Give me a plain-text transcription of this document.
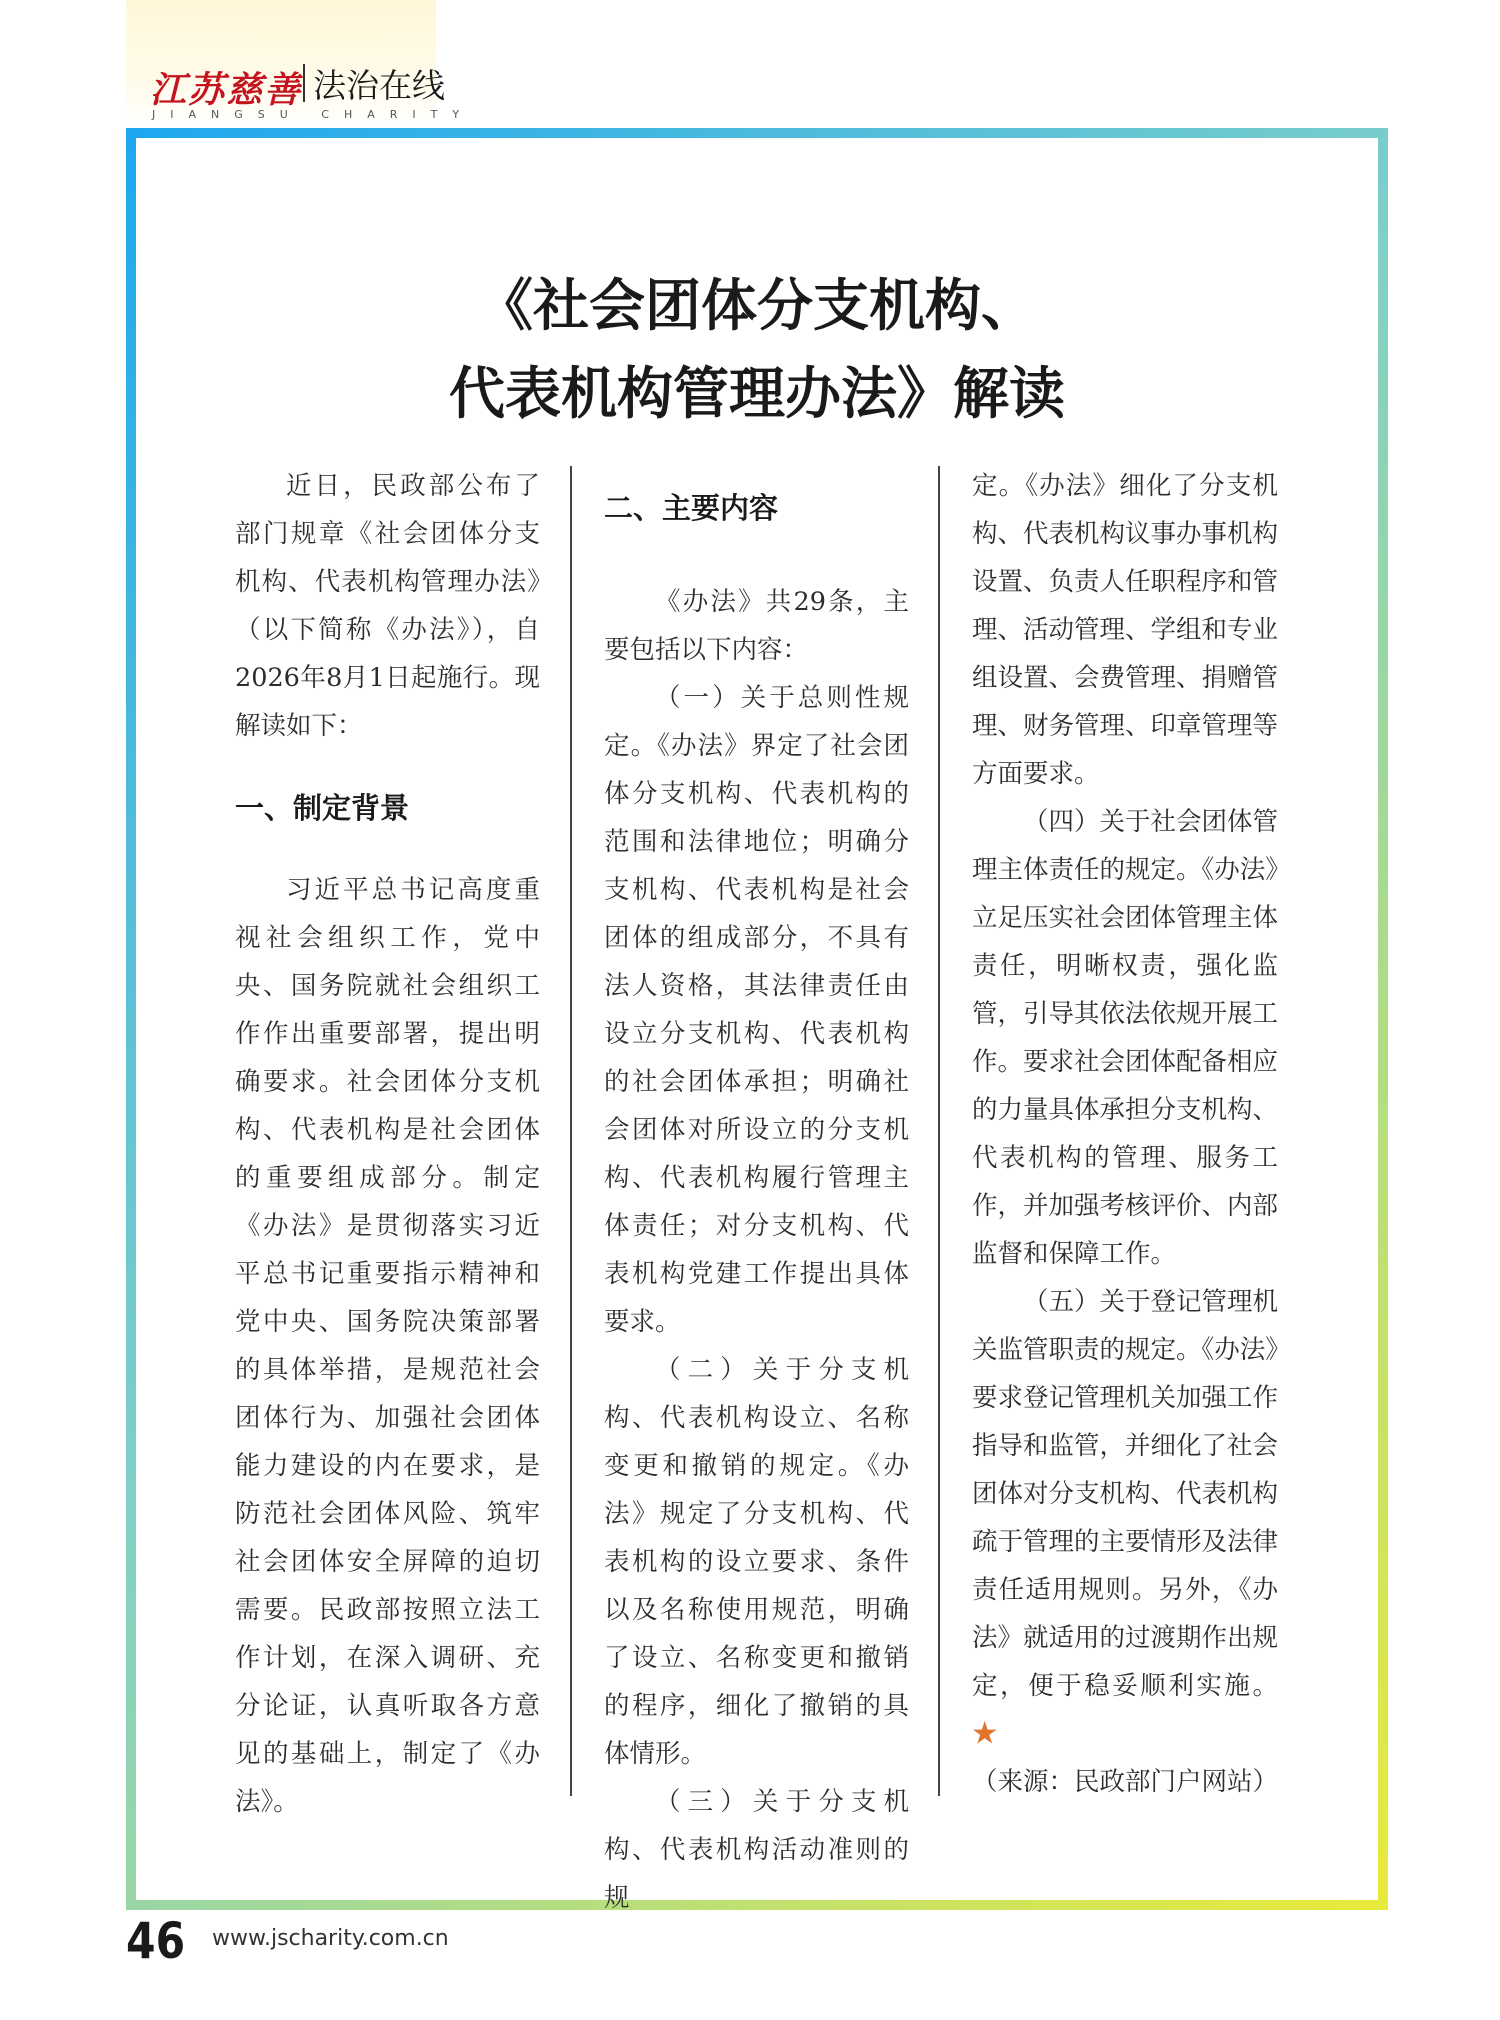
江苏慈善 法治在线
JIANGSU CHARITY
《社会团体分支机构、
代表机构管理办法》解读

近日，民政部公布了部门规章《社会团体分支机构、代表机构管理办法》（以下简称《办法》），自2026年8月1日起施行。现解读如下：

一、制定背景

习近平总书记高度重视社会组织工作，党中央、国务院就社会组织工作作出重要部署，提出明确要求。社会团体分支机构、代表机构是社会团体的重要组成部分。制定《办法》是贯彻落实习近平总书记重要指示精神和党中央、国务院决策部署的具体举措，是规范社会团体行为、加强社会团体能力建设的内在要求，是防范社会团体风险、筑牢社会团体安全屏障的迫切需要。民政部按照立法工作计划，在深入调研、充分论证，认真听取各方意见的基础上，制定了《办法》。

二、主要内容

《办法》共29条，主要包括以下内容：

（一）关于总则性规定。《办法》界定了社会团体分支机构、代表机构的范围和法律地位；明确分支机构、代表机构是社会团体的组成部分，不具有法人资格，其法律责任由设立分支机构、代表机构的社会团体承担；明确社会团体对所设立的分支机构、代表机构履行管理主体责任；对分支机构、代表机构党建工作提出具体要求。

（二）关于分支机构、代表机构设立、名称变更和撤销的规定。《办法》规定了分支机构、代表机构的设立要求、条件以及名称使用规范，明确了设立、名称变更和撤销的程序，细化了撤销的具体情形。

（三）关于分支机构、代表机构活动准则的规

定。《办法》细化了分支机构、代表机构议事办事机构设置、负责人任职程序和管理、活动管理、学组和专业组设置、会费管理、捐赠管理、财务管理、印章管理等方面要求。

（四）关于社会团体管理主体责任的规定。《办法》立足压实社会团体管理主体责任，明晰权责，强化监管，引导其依法依规开展工作。要求社会团体配备相应的力量具体承担分支机构、代表机构的管理、服务工作，并加强考核评价、内部监督和保障工作。

（五）关于登记管理机关监管职责的规定。《办法》要求登记管理机关加强工作指导和监管，并细化了社会团体对分支机构、代表机构疏于管理的主要情形及法律责任适用规则。另外，《办法》就适用的过渡期作出规定，便于稳妥顺利实施。★

（来源：民政部门户网站）

46 www.jscharity.com.cn
